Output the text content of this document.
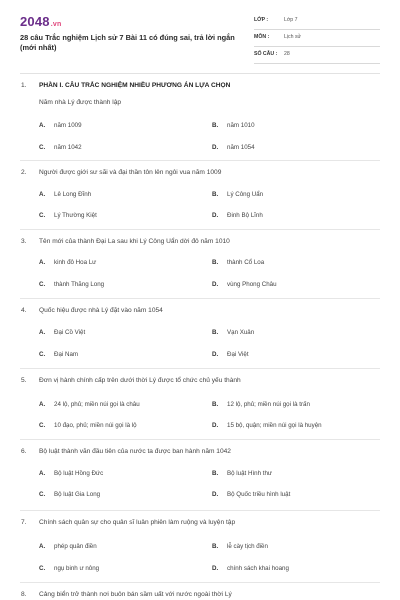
2048.vn
28 câu Trắc nghiệm Lịch sử 7 Bài 11 có đúng sai, trả lời ngắn (mới nhất)
LỚP :	Lớp 7
MÔN :	Lịch sử
SỐ CÂU : 28
1. PHẦN I. CÂU TRẮC NGHIỆM NHIỀU PHƯƠNG ÁN LỰA CHỌN
Năm nhà Lý được thành lập
A. năm 1009	B. năm 1010
C. năm 1042	D. năm 1054
2. Người được giới sư sãi và đại thần tôn lên ngôi vua năm 1009
A. Lê Long Đĩnh	B. Lý Công Uẩn
C. Lý Thường Kiệt	D. Đinh Bộ Lĩnh
3. Tên mới của thành Đại La sau khi Lý Công Uẩn dời đô năm 1010
A. kinh đô Hoa Lư	B. thành Cổ Loa
C. thành Thăng Long	D. vùng Phong Châu
4. Quốc hiệu được nhà Lý đặt vào năm 1054
A. Đại Cồ Việt	B. Vạn Xuân
C. Đại Nam	D. Đại Việt
5. Đơn vị hành chính cấp trên dưới thời Lý được tổ chức chủ yếu thành
A. 24 lộ, phủ; miền núi gọi là châu	B. 12 lộ, phủ; miền núi gọi là trấn
C. 10 đạo, phủ; miền núi gọi là lộ	D. 15 bộ, quận; miền núi gọi là huyện
6. Bộ luật thành văn đầu tiên của nước ta được ban hành năm 1042
A. Bộ luật Hồng Đức	B. Bộ luật Hình thư
C. Bộ luật Gia Long	D. Bộ Quốc triều hình luật
7. Chính sách quân sự cho quân sĩ luân phiên làm ruộng và luyện tập
A. phép quân điền	B. lễ cày tịch điền
C. ngụ binh ư nông	D. chính sách khai hoang
8. Cảng biển trở thành nơi buôn bán sầm uất với nước ngoài thời Lý
